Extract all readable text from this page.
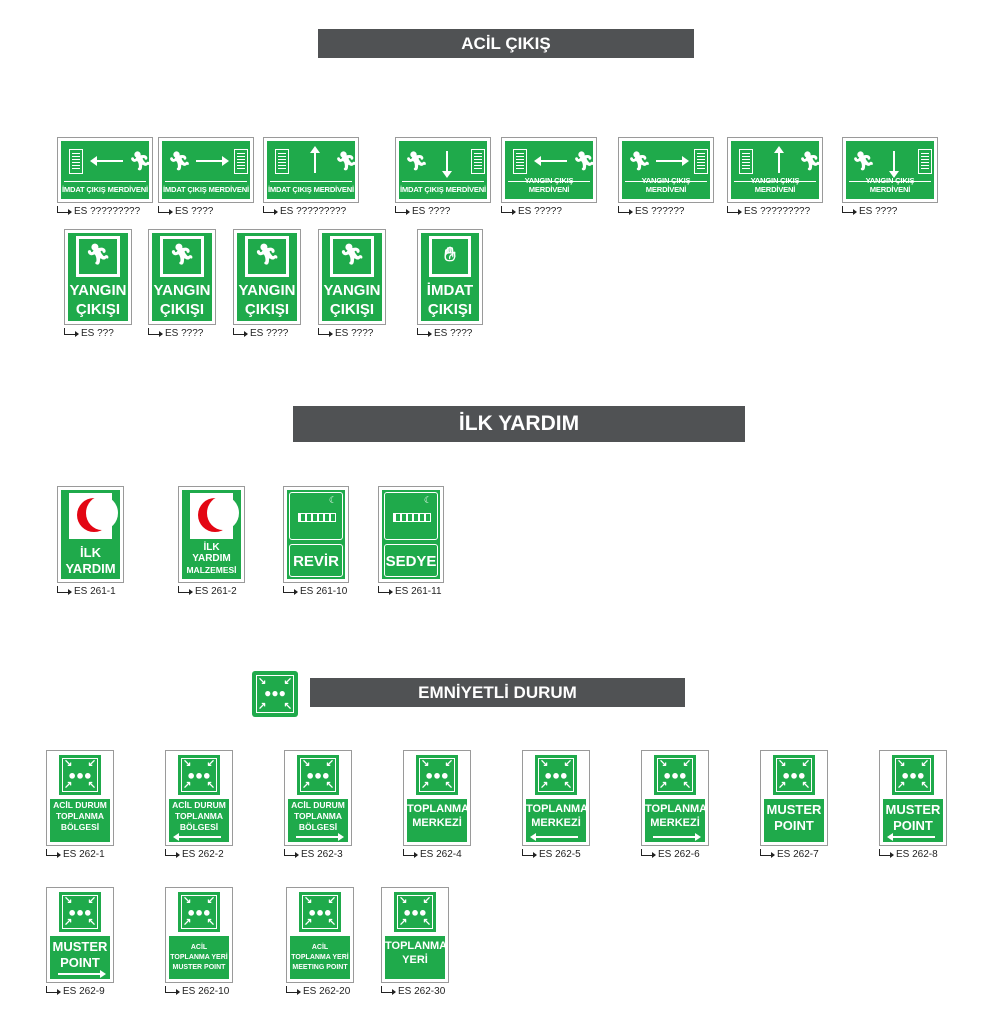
ACİL ÇIKIŞ
İLK YARDIM
●●●
↘ ↙
↗ ↖
EMNİYETLİ DURUM
🏃︎
İMDAT ÇIKIŞ MERDİVENİ
ES ?????????
🏃︎
İMDAT ÇIKIŞ MERDİVENİ
ES ????
🏃︎
İMDAT ÇIKIŞ MERDİVENİ
ES ?????????
🏃︎
İMDAT ÇIKIŞ MERDİVENİ
ES ????
🏃︎
YANGIN ÇIKIŞ MERDİVENİ
ES ?????
🏃︎
YANGIN ÇIKIŞ MERDİVENİ
ES ??????
🏃︎
YANGIN ÇIKIŞ MERDİVENİ
ES ?????????
🏃︎
YANGIN ÇIKIŞ MERDİVENİ
ES ????
🏃︎
YANGIN
ÇIKIŞI
ES ???
🏃︎
YANGIN
ÇIKIŞI
ES ????
🏃︎
YANGIN
ÇIKIŞI
ES ????
🏃︎
YANGIN
ÇIKIŞI
ES ????
✋︎
İMDAT
ÇIKIŞI
ES ????
İLK
YARDIM
ES 261-1
İLK
YARDIM
MALZEMESİ
ES 261-2
☾
REVİR
ES 261-10
☾
SEDYE
ES 261-11
●●●
↘ ↙
↗ ↖
ACİL DURUM
TOPLANMA
BÖLGESİ
ES 262-1
●●●
↘ ↙
↗ ↖
ACİL DURUM
TOPLANMA
BÖLGESİ
ES 262-2
●●●
↘ ↙
↗ ↖
ACİL DURUM
TOPLANMA
BÖLGESİ
ES 262-3
●●●
↘ ↙
↗ ↖
TOPLANMA
MERKEZİ
ES 262-4
●●●
↘ ↙
↗ ↖
TOPLANMA
MERKEZİ
ES 262-5
●●●
↘ ↙
↗ ↖
TOPLANMA
MERKEZİ
ES 262-6
●●●
↘ ↙
↗ ↖
MUSTER
POINT
ES 262-7
●●●
↘ ↙
↗ ↖
MUSTER
POINT
ES 262-8
●●●
↘ ↙
↗ ↖
MUSTER
POINT
ES 262-9
●●●
↘ ↙
↗ ↖
ACİL
TOPLANMA YERİ
MUSTER POINT
ES 262-10
●●●
↘ ↙
↗ ↖
ACİL
TOPLANMA YERİ
MEETING POINT
ES 262-20
●●●
↘ ↙
↗ ↖
TOPLANMA
YERİ
ES 262-30
